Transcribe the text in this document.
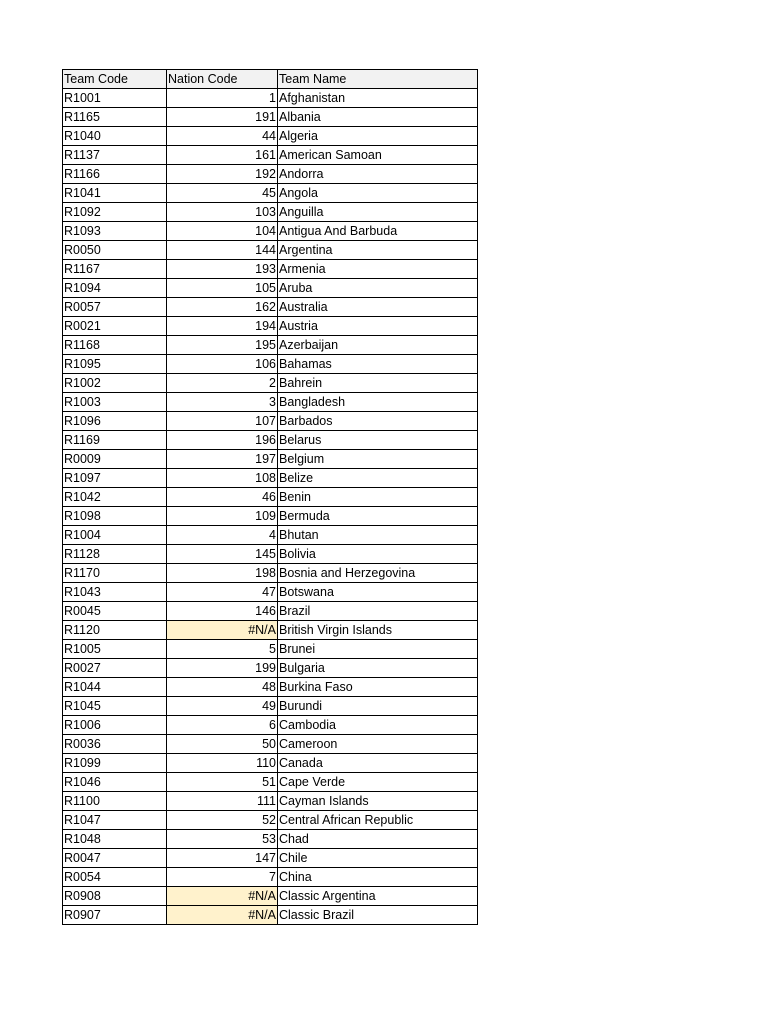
Team Code	Nation Code	Team Name
R1001	1	Afghanistan
R1165	191	Albania
R1040	44	Algeria
R1137	161	American Samoan
R1166	192	Andorra
R1041	45	Angola
R1092	103	Anguilla
R1093	104	Antigua And Barbuda
R0050	144	Argentina
R1167	193	Armenia
R1094	105	Aruba
R0057	162	Australia
R0021	194	Austria
R1168	195	Azerbaijan
R1095	106	Bahamas
R1002	2	Bahrein
R1003	3	Bangladesh
R1096	107	Barbados
R1169	196	Belarus
R0009	197	Belgium
R1097	108	Belize
R1042	46	Benin
R1098	109	Bermuda
R1004	4	Bhutan
R1128	145	Bolivia
R1170	198	Bosnia and Herzegovina
R1043	47	Botswana
R0045	146	Brazil
R1120	#N/A	British Virgin Islands
R1005	5	Brunei
R0027	199	Bulgaria
R1044	48	Burkina Faso
R1045	49	Burundi
R1006	6	Cambodia
R0036	50	Cameroon
R1099	110	Canada
R1046	51	Cape Verde
R1100	111	Cayman Islands
R1047	52	Central African Republic
R1048	53	Chad
R0047	147	Chile
R0054	7	China
R0908	#N/A	Classic Argentina
R0907	#N/A	Classic Brazil
